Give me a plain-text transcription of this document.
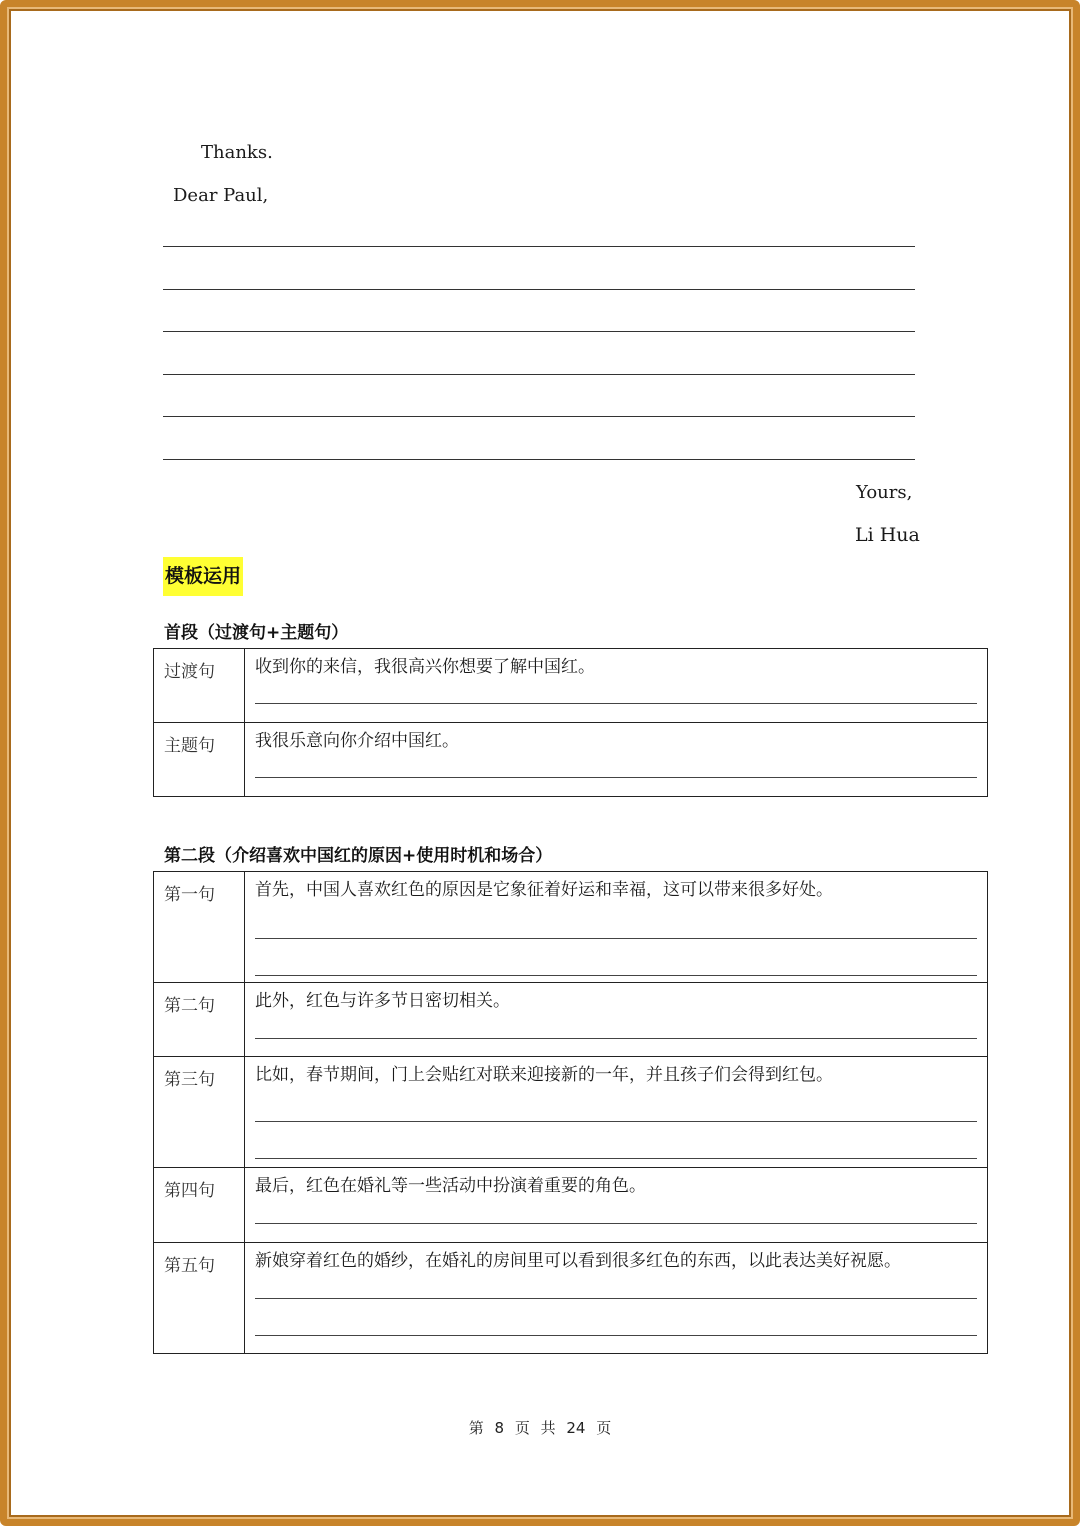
Thanks.
Dear Paul,
Yours,
Li Hua
模板运用
首段（过渡句+主题句）
过渡句	收到你的来信，我很高兴你想要了解中国红。

主题句	我很乐意向你介绍中国红。
第二段（介绍喜欢中国红的原因+使用时机和场合）
第一句	首先，中国人喜欢红色的原因是它象征着好运和幸福，这可以带来很多好处。

第二句	此外，红色与许多节日密切相关。

第三句	比如，春节期间，门上会贴红对联来迎接新的一年，并且孩子们会得到红包。

第四句	最后，红色在婚礼等一些活动中扮演着重要的角色。

第五句	新娘穿着红色的婚纱，在婚礼的房间里可以看到很多红色的东西，以此表达美好祝愿。
第 8 页 共 24 页
